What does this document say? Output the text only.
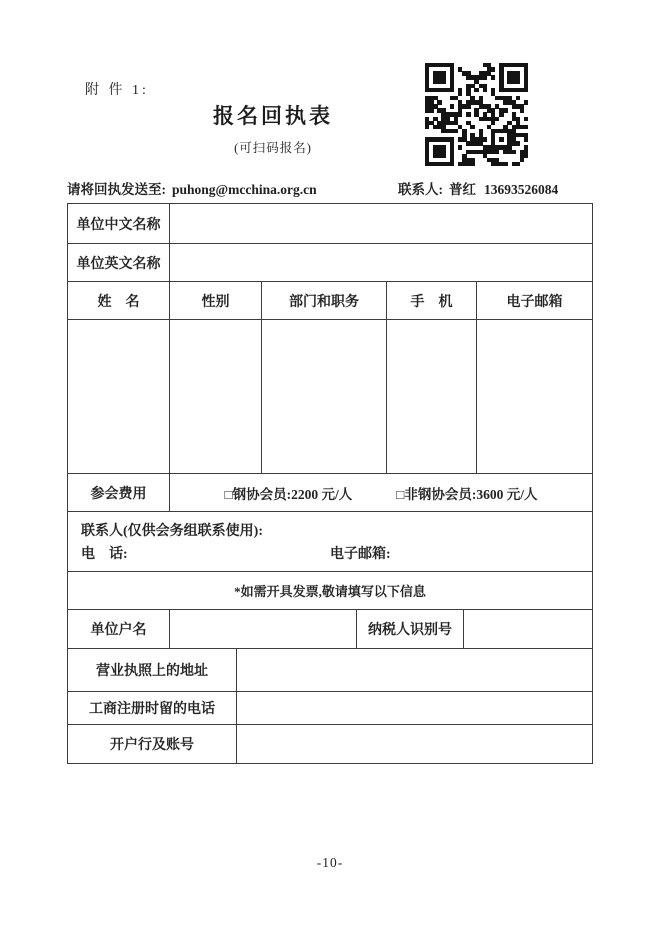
附 件 1:
报名回执表
(可扫码报名)
请将回执发送至: puhong@mcchina.org.cn	联系人: 普红 13693526084
单位中文名称
单位英文名称
姓　名	性别	部门和职务	手　机	电子邮箱
参会费用	□钢协会员:2200 元/人	□非钢协会员:3600 元/人
联系人(仅供会务组联系使用):
电　话:	电子邮箱:
*如需开具发票,敬请填写以下信息
单位户名	纳税人识别号
营业执照上的地址
工商注册时留的电话
开户行及账号
-10-
